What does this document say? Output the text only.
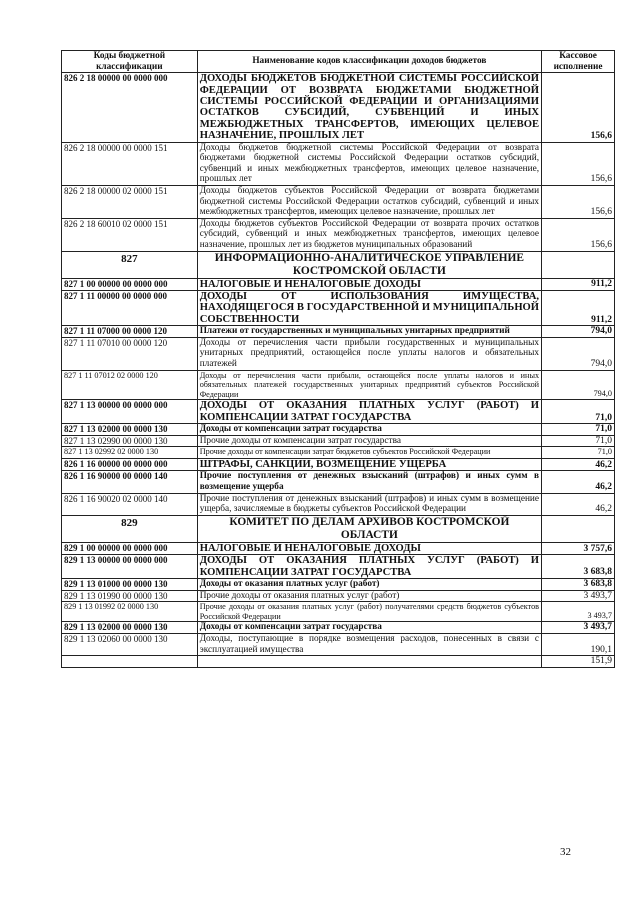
Коды бюджетной классификации	Наименование кодов классификации доходов бюджетов	Кассовое исполнение
826 2 18 00000 00 0000 000	ДОХОДЫ БЮДЖЕТОВ БЮДЖЕТНОЙ СИСТЕМЫ РОССИЙСКОЙ ФЕДЕРАЦИИ ОТ ВОЗВРАТА БЮДЖЕТАМИ БЮДЖЕТНОЙ СИСТЕМЫ РОССИЙСКОЙ ФЕДЕРАЦИИ И ОРГАНИЗАЦИЯМИ ОСТАТКОВ СУБСИДИЙ, СУБВЕНЦИЙ И ИНЫХ МЕЖБЮДЖЕТНЫХ ТРАНСФЕРТОВ, ИМЕЮЩИХ ЦЕЛЕВОЕ НАЗНАЧЕНИЕ, ПРОШЛЫХ ЛЕТ	156,6
826 2 18 00000 00 0000 151	Доходы бюджетов бюджетной системы Российской Федерации от возврата бюджетами бюджетной системы Российской Федерации остатков субсидий, субвенций и иных межбюджетных трансфертов, имеющих целевое назначение, прошлых лет	156,6
826 2 18 00000 02 0000 151	Доходы бюджетов субъектов Российской Федерации от возврата бюджетами бюджетной системы Российской Федерации остатков субсидий, субвенций и иных межбюджетных трансфертов, имеющих целевое назначение, прошлых лет	156,6
826 2 18 60010 02 0000 151	Доходы бюджетов субъектов Российской Федерации от возврата прочих остатков субсидий, субвенций и иных межбюджетных трансфертов, имеющих целевое назначение, прошлых лет из бюджетов муниципальных образований	156,6
827	ИНФОРМАЦИОННО-АНАЛИТИЧЕСКОЕ УПРАВЛЕНИЕ КОСТРОМСКОЙ ОБЛАСТИ	
827 1 00 00000 00 0000 000	НАЛОГОВЫЕ И НЕНАЛОГОВЫЕ ДОХОДЫ	911,2
827 1 11 00000 00 0000 000	ДОХОДЫ ОТ ИСПОЛЬЗОВАНИЯ ИМУЩЕСТВА, НАХОДЯЩЕГОСЯ В ГОСУДАРСТВЕННОЙ И МУНИЦИПАЛЬНОЙ СОБСТВЕННОСТИ	911,2
827 1 11 07000 00 0000 120	Платежи от государственных и муниципальных унитарных предприятий	794,0
827 1 11 07010 00 0000 120	Доходы от перечисления части прибыли государственных и муниципальных унитарных предприятий, остающейся после уплаты налогов и обязательных платежей	794,0
827 1 11 07012 02 0000 120	Доходы от перечисления части прибыли, остающейся после уплаты налогов и иных обязательных платежей государственных унитарных предприятий субъектов Российской Федерации	794,0
827 1 13 00000 00 0000 000	ДОХОДЫ ОТ ОКАЗАНИЯ ПЛАТНЫХ УСЛУГ (РАБОТ) И КОМПЕНСАЦИИ ЗАТРАТ ГОСУДАРСТВА	71,0
827 1 13 02000 00 0000 130	Доходы от компенсации затрат государства	71,0
827 1 13 02990 00 0000 130	Прочие доходы от компенсации затрат государства	71,0
827 1 13 02992 02 0000 130	Прочие доходы от компенсации затрат бюджетов субъектов Российской Федерации	71,0
826 1 16 00000 00 0000 000	ШТРАФЫ, САНКЦИИ, ВОЗМЕЩЕНИЕ УЩЕРБА	46,2
826 1 16 90000 00 0000 140	Прочие поступления от денежных взысканий (штрафов) и иных сумм в возмещение ущерба	46,2
826 1 16 90020 02 0000 140	Прочие поступления от денежных взысканий (штрафов) и иных сумм в возмещение ущерба, зачисляемые в бюджеты субъектов Российской Федерации	46,2
829	КОМИТЕТ ПО ДЕЛАМ АРХИВОВ КОСТРОМСКОЙ ОБЛАСТИ	
829 1 00 00000 00 0000 000	НАЛОГОВЫЕ И НЕНАЛОГОВЫЕ ДОХОДЫ	3 757,6
829 1 13 00000 00 0000 000	ДОХОДЫ ОТ ОКАЗАНИЯ ПЛАТНЫХ УСЛУГ (РАБОТ) И КОМПЕНСАЦИИ ЗАТРАТ ГОСУДАРСТВА	3 683,8
829 1 13 01000 00 0000 130	Доходы от оказания платных услуг (работ)	3 683,8
829 1 13 01990 00 0000 130	Прочие доходы от оказания платных услуг (работ)	3 493,7
829 1 13 01992 02 0000 130	Прочие доходы от оказания платных услуг (работ) получателями средств бюджетов субъектов Российской Федерации	3 493,7
829 1 13 02000 00 0000 130	Доходы от компенсации затрат государства	3 493,7
829 1 13 02060 00 0000 130	Доходы, поступающие в порядке возмещения расходов, понесенных в связи с эксплуатацией имущества	190,1
		151,9
32
